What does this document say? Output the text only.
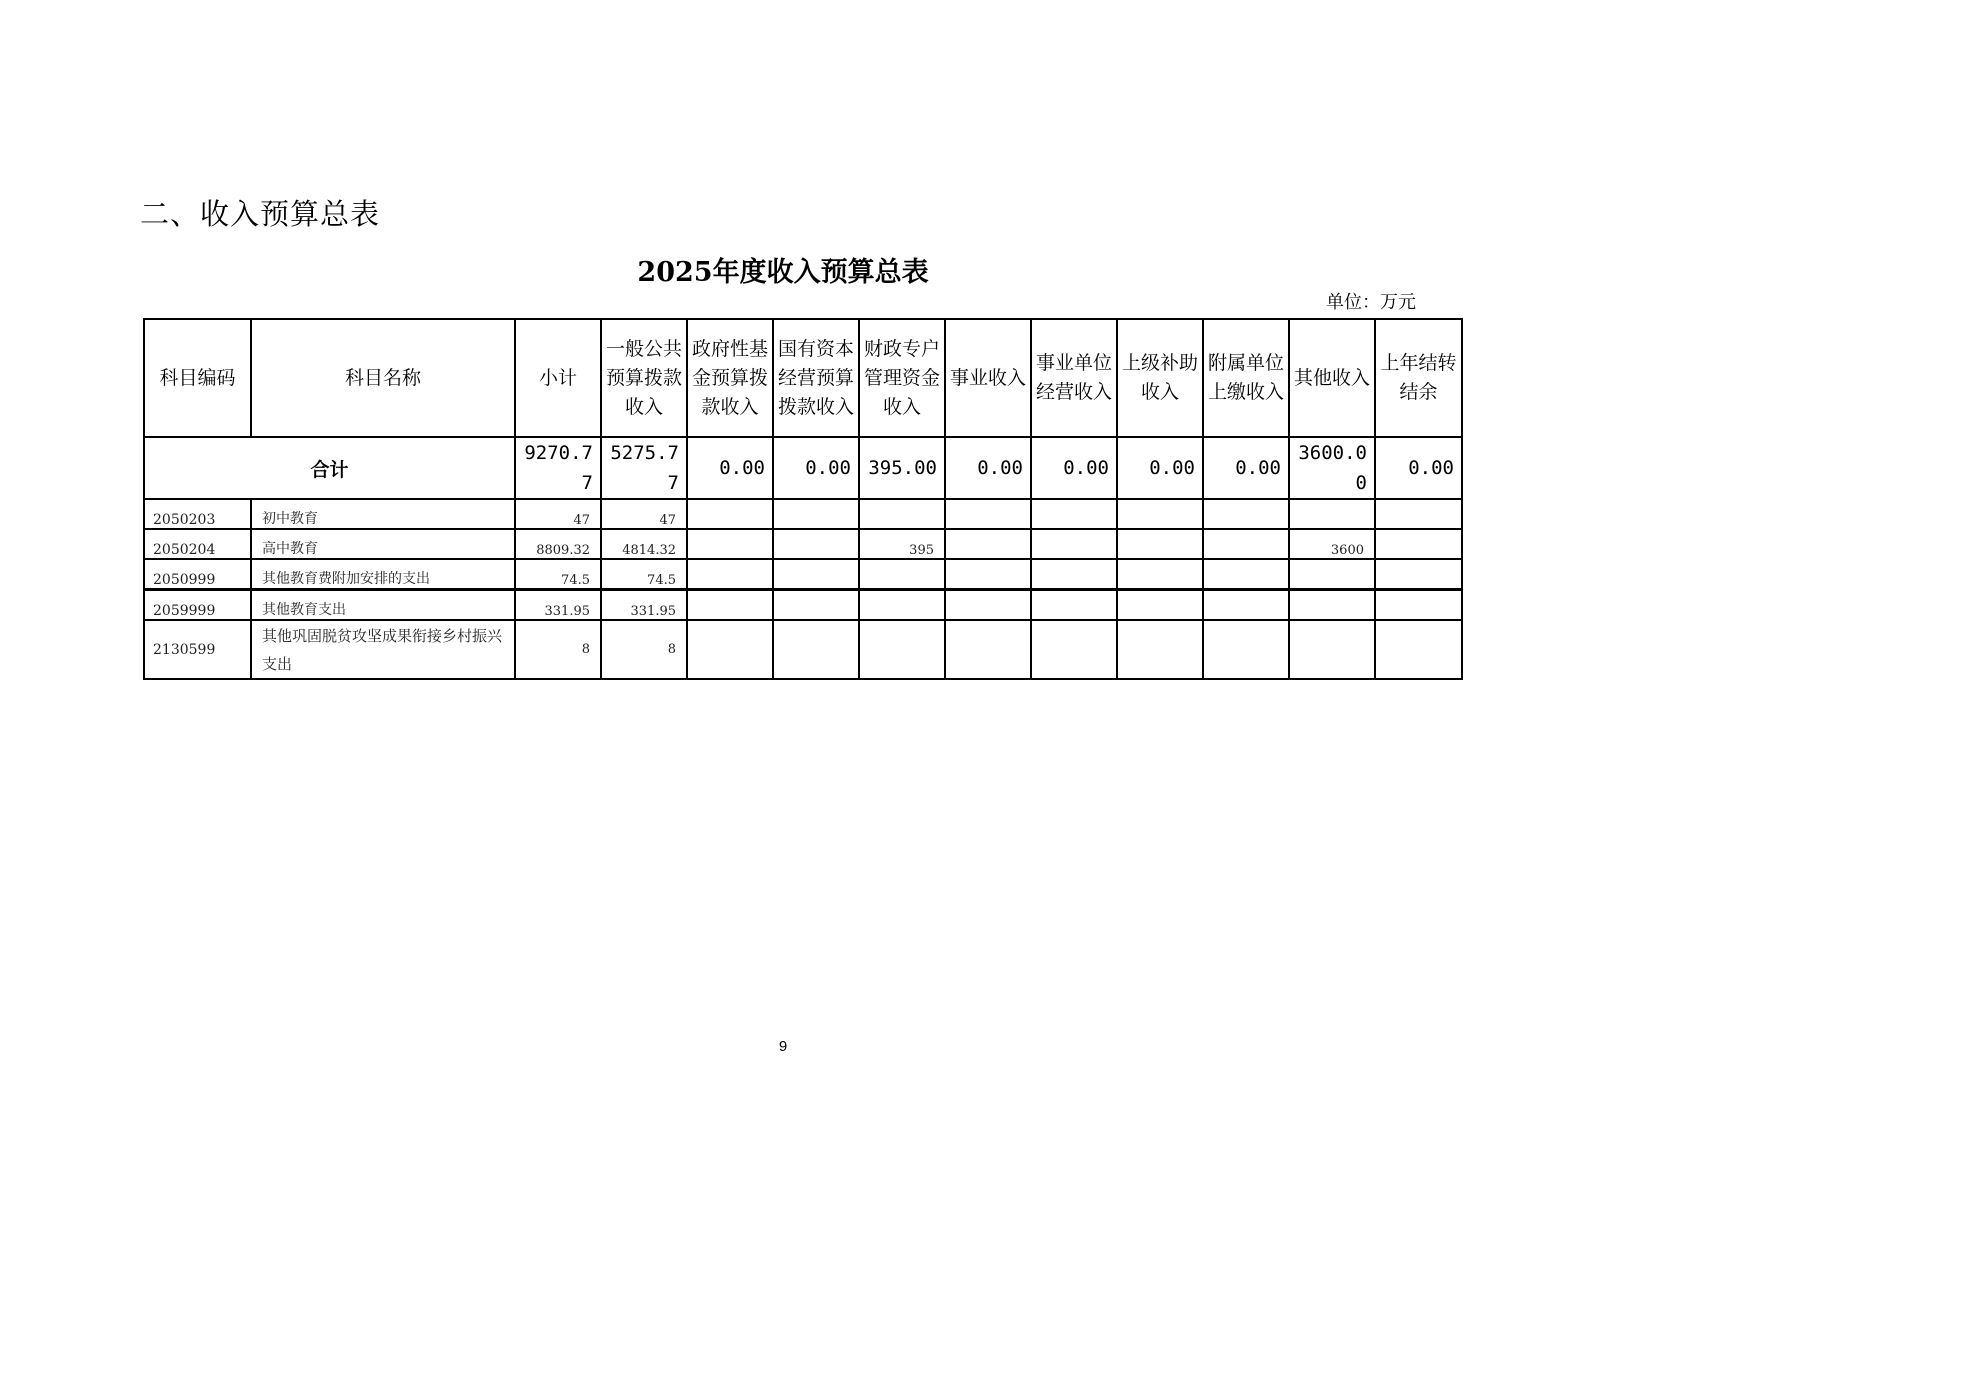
二、收入预算总表
2025年度收入预算总表
单位：万元
科目编码	科目名称	小计	一般公共预算拨款收入	政府性基金预算拨款收入	国有资本经营预算拨款收入	财政专户管理资金收入	事业收入	事业单位经营收入	上级补助收入	附属单位上缴收入	其他收入	上年结转结余
合计		9270.77	5275.77	0.00	0.00	395.00	0.00	0.00	0.00	0.00	3600.00	0.00
2050203	初中教育	47	47									
2050204	高中教育	8809.32	4814.32			395					3600	
2050999	其他教育费附加安排的支出	74.5	74.5									
2059999	其他教育支出	331.95	331.95									
2130599	其他巩固脱贫攻坚成果衔接乡村振兴支出	8	8									
9
